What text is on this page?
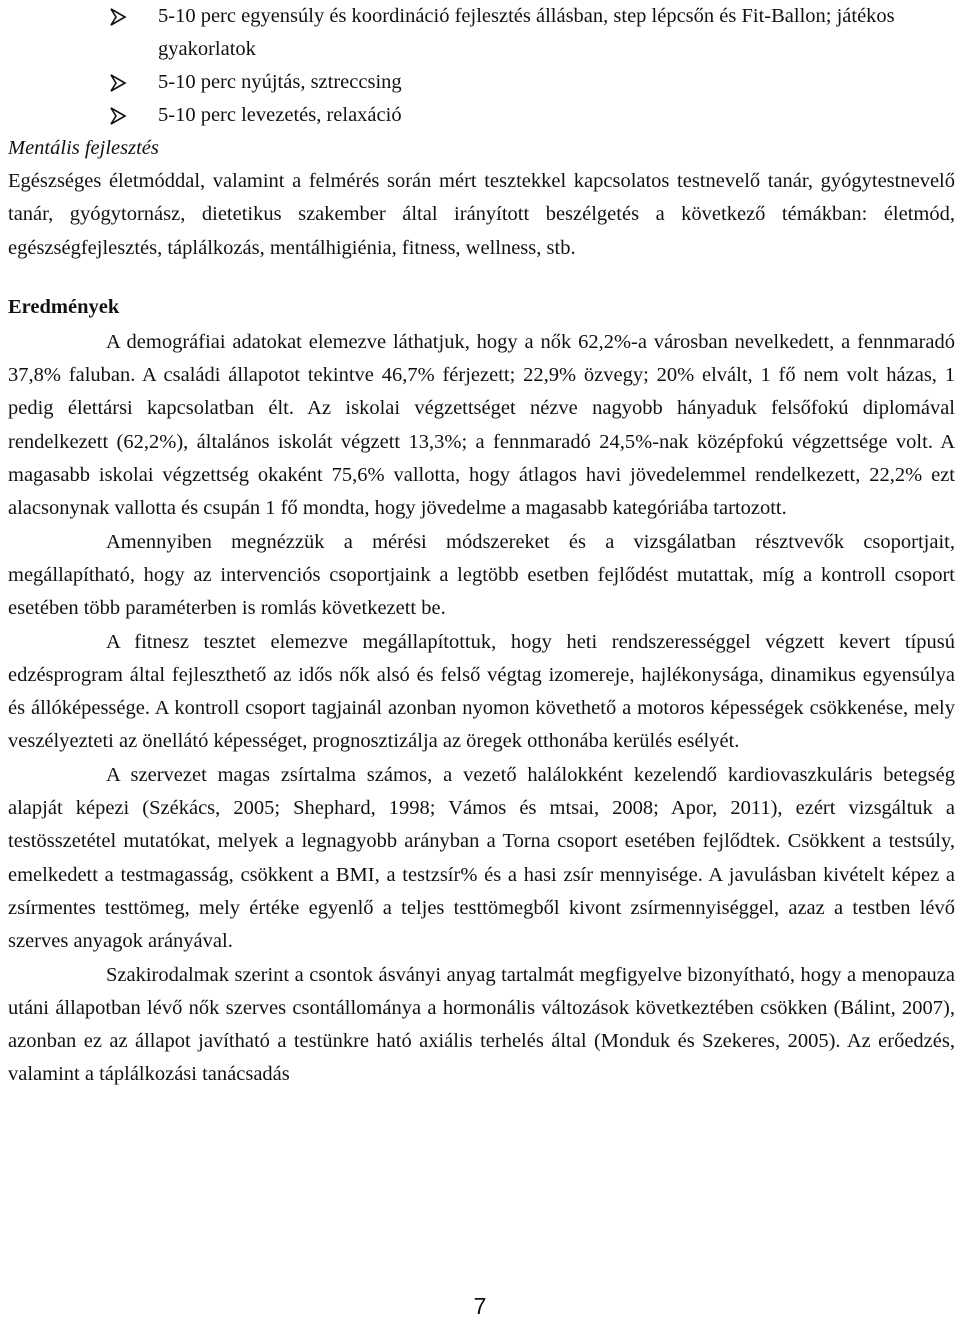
5-10 perc egyensúly és koordináció fejlesztés állásban, step lépcsőn és Fit-Ballon; játékos gyakorlatok
5-10 perc nyújtás, sztreccsing
5-10 perc levezetés, relaxáció
Mentális fejlesztés

Egészséges életmóddal, valamint a felmérés során mért tesztekkel kapcsolatos testnevelő tanár, gyógytestnevelő tanár, gyógytornász, dietetikus szakember által irányított beszélgetés a következő témákban: életmód, egészségfejlesztés, táplálkozás, mentálhigiénia, fitness, wellness, stb.

Eredmények

A demográfiai adatokat elemezve láthatjuk, hogy a nők 62,2%-a városban nevelkedett, a fennmaradó 37,8% faluban. A családi állapotot tekintve 46,7% férjezett; 22,9% özvegy; 20% elvált, 1 fő nem volt házas, 1 pedig élettársi kapcsolatban élt. Az iskolai végzettséget nézve nagyobb hányaduk felsőfokú diplomával rendelkezett (62,2%), általános iskolát végzett 13,3%; a fennmaradó 24,5%-nak középfokú végzettsége volt. A magasabb iskolai végzettség okaként 75,6% vallotta, hogy átlagos havi jövedelemmel rendelkezett, 22,2% ezt alacsonynak vallotta és csupán 1 fő mondta, hogy jövedelme a magasabb kategóriába tartozott.

Amennyiben megnézzük a mérési módszereket és a vizsgálatban résztvevők csoportjait, megállapítható, hogy az intervenciós csoportjaink a legtöbb esetben fejlődést mutattak, míg a kontroll csoport esetében több paraméterben is romlás következett be.

A fitnesz tesztet elemezve megállapítottuk, hogy heti rendszerességgel végzett kevert típusú edzésprogram által fejleszthető az idős nők alsó és felső végtag izomereje, hajlékonysága, dinamikus egyensúlya és állóképessége. A kontroll csoport tagjainál azonban nyomon követhető a motoros képességek csökkenése, mely veszélyezteti az önellátó képességet, prognosztizálja az öregek otthonába kerülés esélyét.

A szervezet magas zsírtalma számos, a vezető halálokként kezelendő kardiovaszkuláris betegség alapját képezi (Székács, 2005; Shephard, 1998; Vámos és mtsai, 2008; Apor, 2011), ezért vizsgáltuk a testösszetétel mutatókat, melyek a legnagyobb arányban a Torna csoport esetében fejlődtek. Csökkent a testsúly, emelkedett a testmagasság, csökkent a BMI, a testzsír% és a hasi zsír mennyisége. A javulásban kivételt képez a zsírmentes testtömeg, mely értéke egyenlő a teljes testtömegből kivont zsírmennyiséggel, azaz a testben lévő szerves anyagok arányával.

Szakirodalmak szerint a csontok ásványi anyag tartalmát megfigyelve bizonyítható, hogy a menopauza utáni állapotban lévő nők szerves csontállománya a hormonális változások következtében csökken (Bálint, 2007), azonban ez az állapot javítható a testünkre ható axiális terhelés által (Monduk és Szekeres, 2005). Az erőedzés, valamint a táplálkozási tanácsadás

7
